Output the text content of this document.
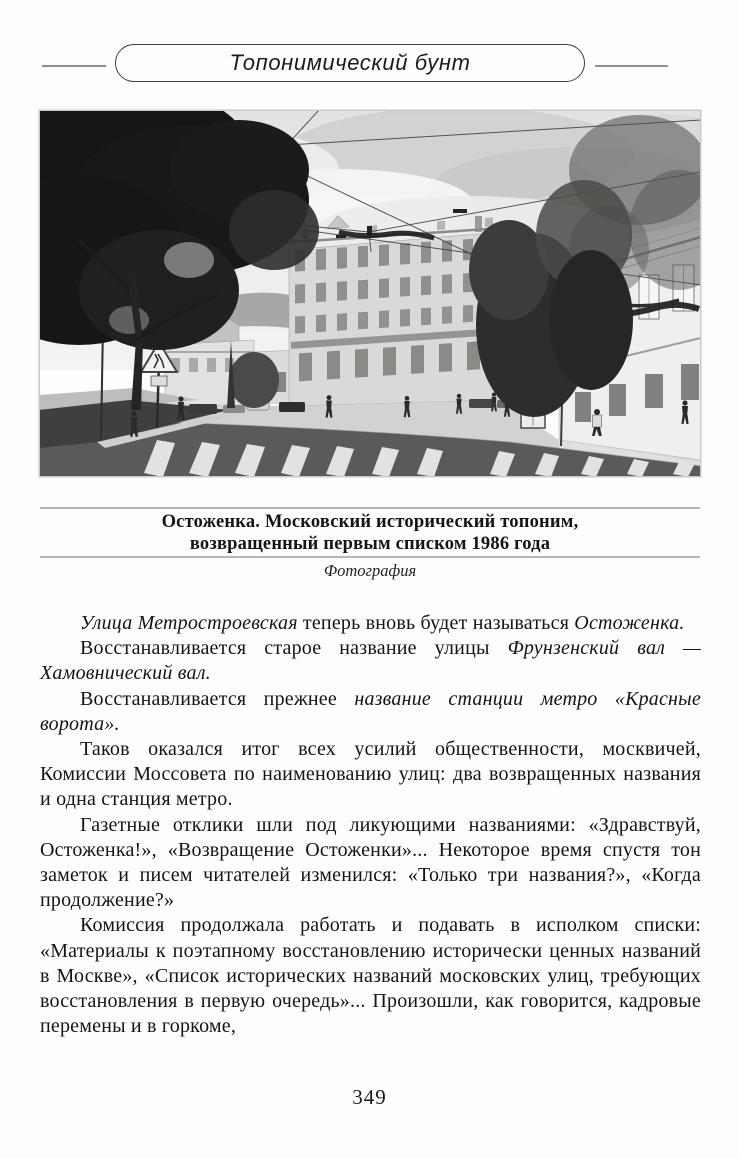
Топонимический бунт
Остоженка. Московский исторический топоним,
возвращенный первым списком 1986 года
Фотография

Улица Метростроевская теперь вновь будет называться Остоженка.

Восстанавливается старое название улицы Фрунзенский вал — Хамовнический вал.

Восстанавливается прежнее название станции метро «Красные ворота».

Таков оказался итог всех усилий общественности, москвичей, Комиссии Моссовета по наименованию улиц: два возвращенных названия и одна станция метро.

Газетные отклики шли под ликующими названиями: «Здравствуй, Остоженка!», «Возвращение Остоженки»... Некоторое время спустя тон заметок и писем читателей изменился: «Только три названия?», «Когда продолжение?»

Комиссия продолжала работать и подавать в исполком списки: «Материалы к поэтапному восстановлению исторически ценных названий в Москве», «Список исторических названий московских улиц, требующих восстановления в первую очередь»... Произошли, как говорится, кадровые перемены и в горкоме,

349
